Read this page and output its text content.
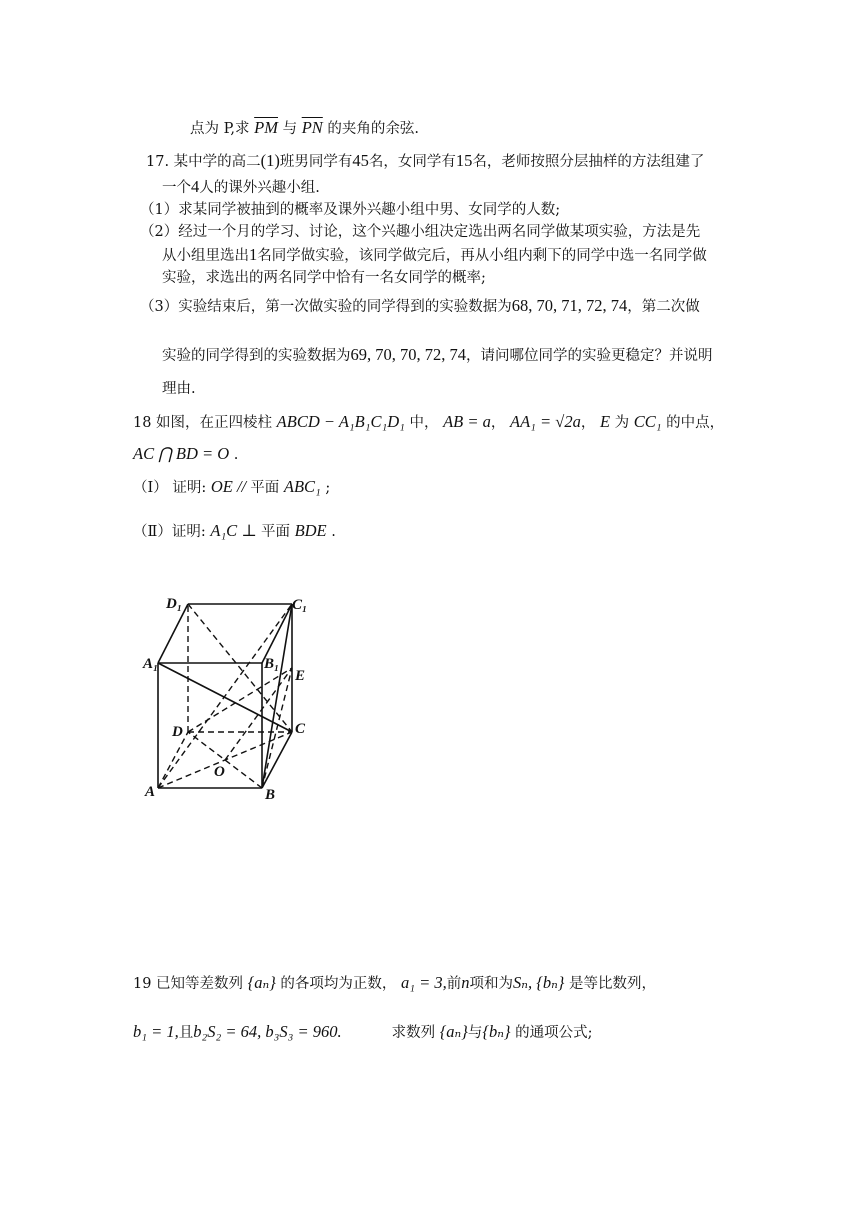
点为 P,求 $\overline{PM}$ 与 $\overline{PN}$ 的夹角的余弦.
17. 某中学的高二(1)班男同学有45名，女同学有15名，老师按照分层抽样的方法组建了
一个4人的课外兴趣小组.
（1）求某同学被抽到的概率及课外兴趣小组中男、女同学的人数;
（2）经过一个月的学习、讨论，这个兴趣小组决定选出两名同学做某项实验，方法是先
从小组里选出1名同学做实验，该同学做完后，再从小组内剩下的同学中选一名同学做
实验，求选出的两名同学中恰有一名女同学的概率;
（3）实验结束后，第一次做实验的同学得到的实验数据为68, 70, 71, 72, 74，第二次做
实验的同学得到的实验数据为69, 70, 70, 72, 74，请问哪位同学的实验更稳定？并说明
理由.
18 如图，在正四棱柱 ABCD − A₁B₁C₁D₁ 中， AB = a， AA₁ = √2a， E 为 CC₁ 的中点，
AC ⋂ BD = O .
（Ⅰ） 证明: OE // 平面 ABC₁ ;
（Ⅱ）证明: A₁C ⊥ 平面 BDE .
D₁	C₁
A₁	B₁
E
D	C
O
A	B
19 已知等差数列 {aₙ} 的各项均为正数， a₁ = 3,前n项和为Sₙ, {bₙ} 是等比数列，
b₁ = 1,且b₂S₂ = 64, b₃S₃ = 960.	求数列 {aₙ}与{bₙ} 的通项公式;
